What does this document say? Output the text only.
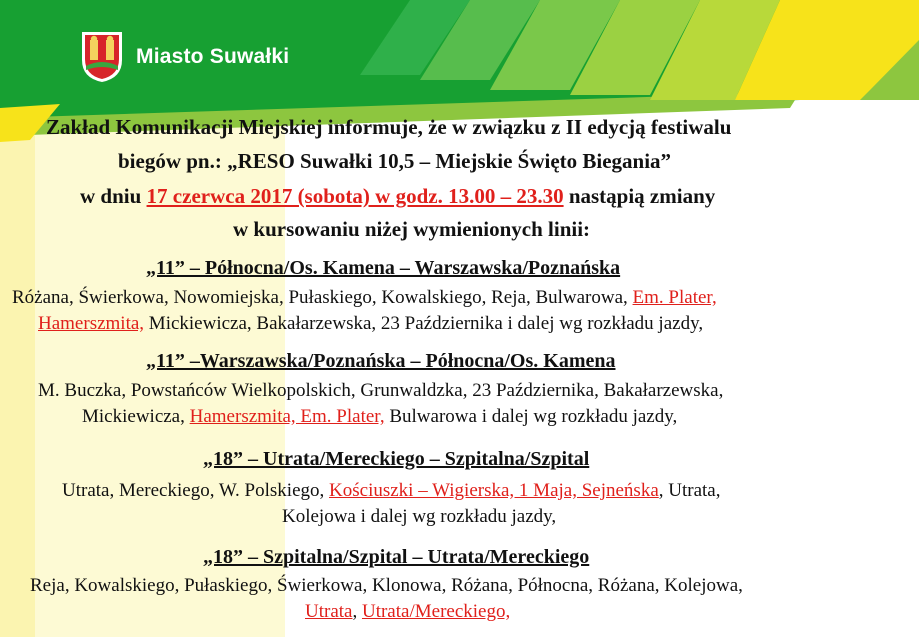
Miasto Suwałki
Zakład Komunikacji Miejskiej informuje, że w związku z II edycją festiwalu
biegów pn.: „RESO Suwałki 10,5 – Miejskie Święto Biegania”
w dniu 17 czerwca 2017 (sobota) w godz. 13.00 – 23.30 nastąpią zmiany
w kursowaniu niżej wymienionych linii:
„11” – Północna/Os. Kamena – Warszawska/Poznańska
Różana, Świerkowa, Nowomiejska, Pułaskiego, Kowalskiego, Reja, Bulwarowa, Em. Plater,
Hamerszmita, Mickiewicza, Bakałarzewska, 23 Października i dalej wg rozkładu jazdy,
„11” –Warszawska/Poznańska – Północna/Os. Kamena
M. Buczka, Powstańców Wielkopolskich, Grunwaldzka, 23 Października, Bakałarzewska,
Mickiewicza, Hamerszmita, Em. Plater, Bulwarowa i dalej wg rozkładu jazdy,
„18” – Utrata/Mereckiego – Szpitalna/Szpital
Utrata, Mereckiego, W. Polskiego, Kościuszki – Wigierska, 1 Maja, Sejneńska, Utrata,
Kolejowa i dalej wg rozkładu jazdy,
„18” – Szpitalna/Szpital – Utrata/Mereckiego
Reja, Kowalskiego, Pułaskiego, Świerkowa, Klonowa, Różana, Północna, Różana, Kolejowa,
Utrata, Utrata/Mereckiego,
